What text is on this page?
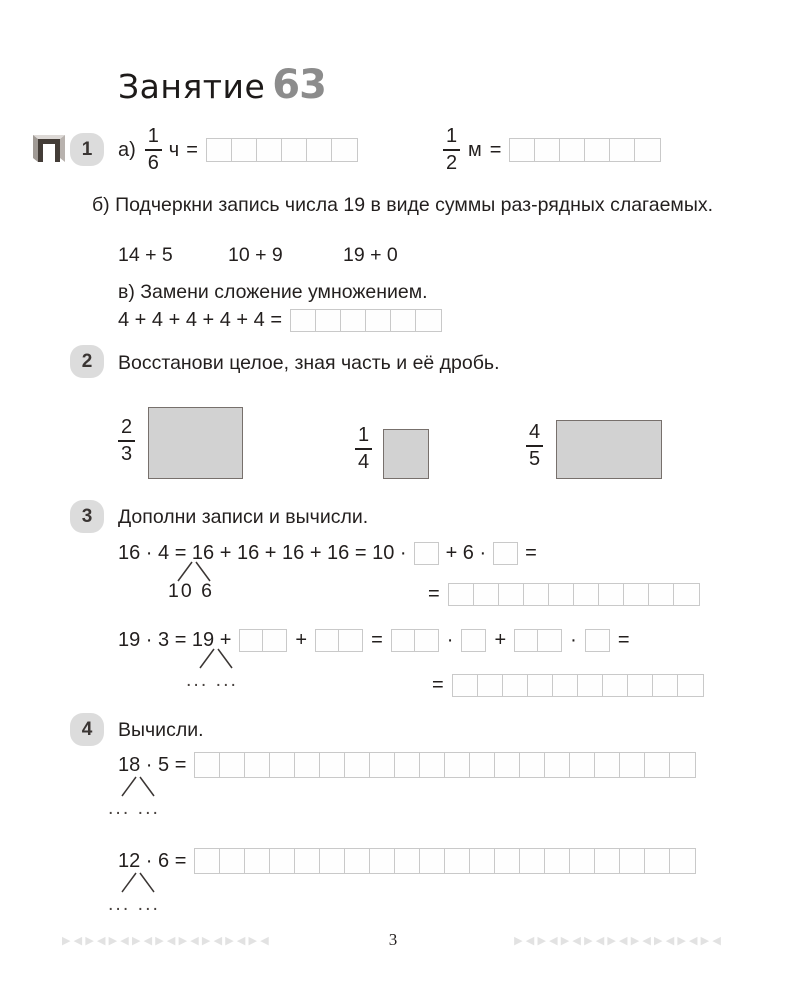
Занятие 63
1	$а) \frac{1}{6}$ ч =	$\frac{1}{2}$ м =
б) Подчеркни запись числа 19 в виде суммы раз-рядных слагаемых.
14 + 5	10 + 9	19 + 0
в) Замени сложение умножением.
4 + 4 + 4 + 4 + 4 =
2	Восстанови целое, зная часть и её дробь.
2
3
1
4
4
5
3	Дополни записи и вычисли.
16 · 4 = 16 + 16 + 16 + 16 = 10 · + 6 · =
10 6	=
19 · 3 = 19 +	+	=	· +	· =
... ...	=
4	Вычисли.
18 · 5 =
... ...
12 · 6 =
... ...
▶◀▶◀▶◀▶◀▶◀▶◀▶◀▶◀▶◀	3	▶◀▶◀▶◀▶◀▶◀▶◀▶◀▶◀▶◀
